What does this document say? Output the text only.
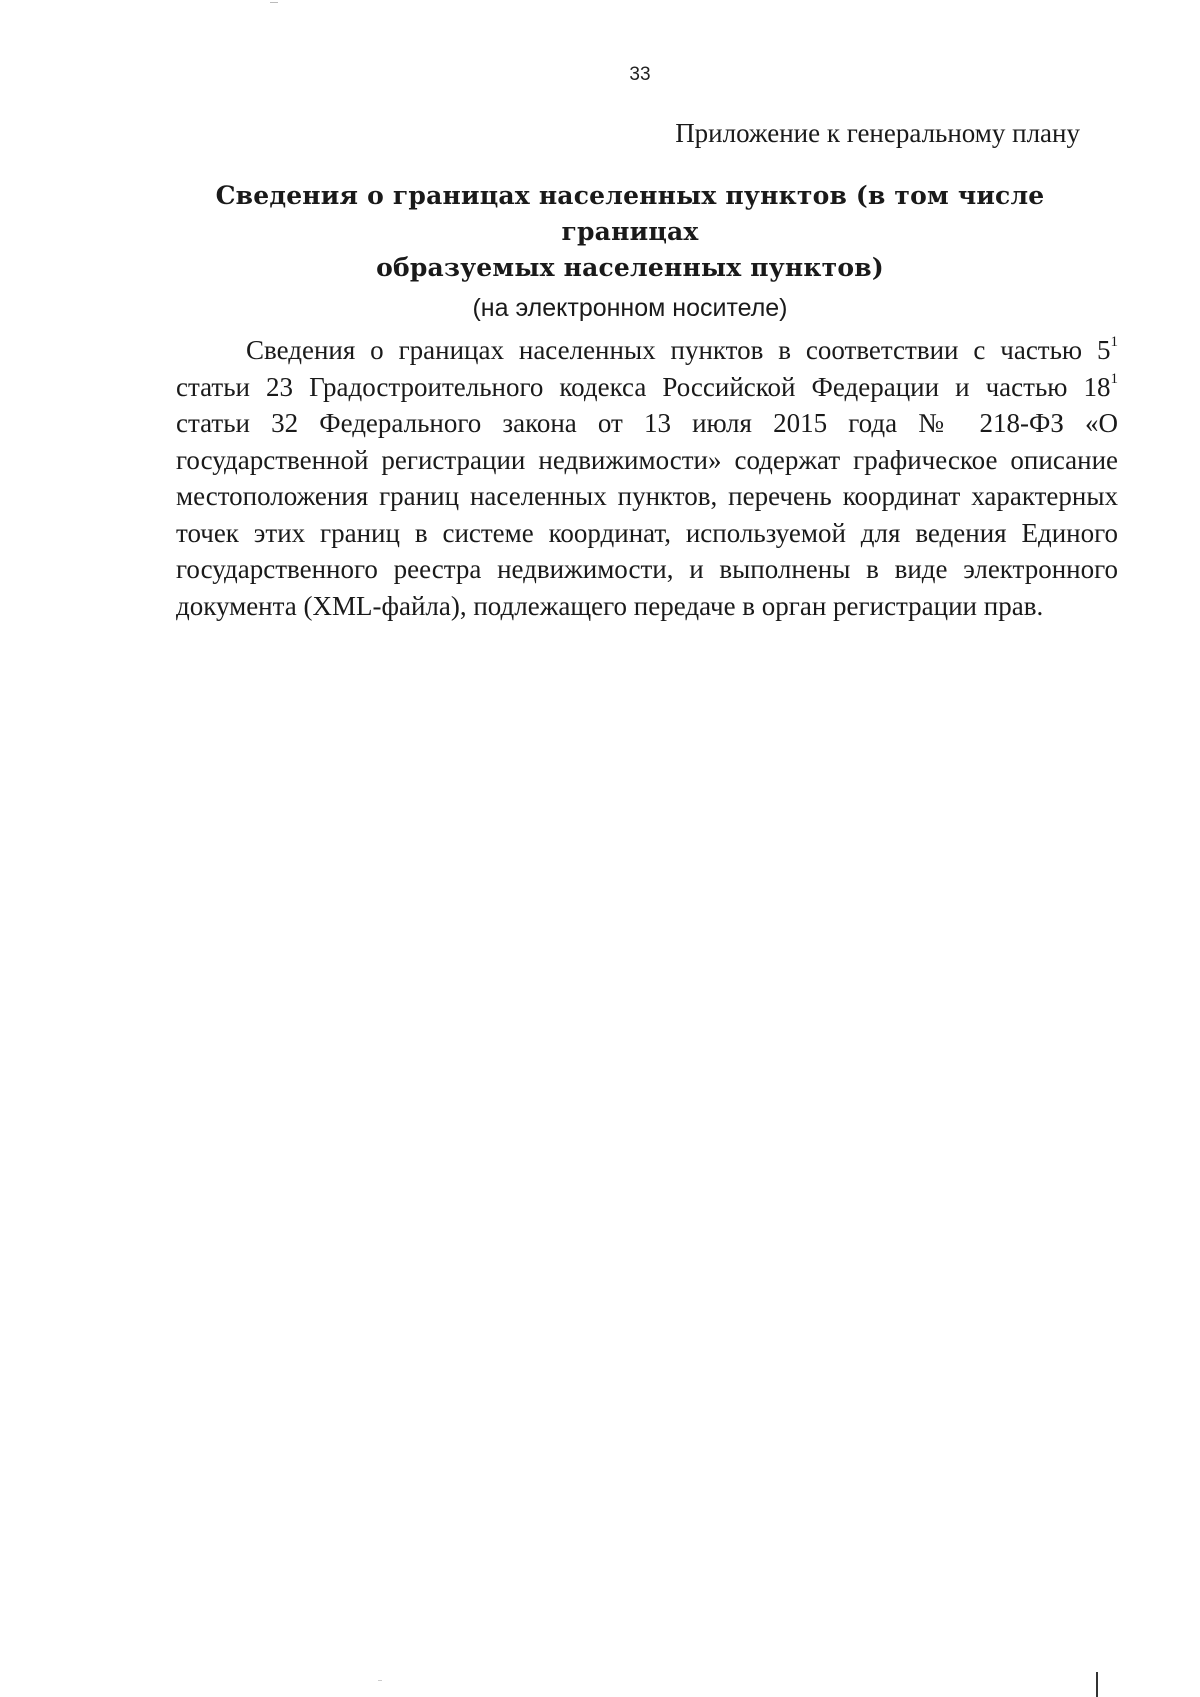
33
Приложение к генеральному плану
Сведения о границах населенных пунктов (в том числе границах
образуемых населенных пунктов)
(на электронном носителе)

Сведения о границах населенных пунктов в соответствии с частью $5^1$ статьи 23 Градостроительного кодекса Российской Федерации и частью $18^1$ статьи 32 Федерального закона от 13 июля 2015 года № 218-ФЗ «О государственной регистрации недвижимости» содержат графическое описание местоположения границ населенных пунктов, перечень координат характерных точек этих границ в системе координат, используемой для ведения Единого государственного реестра недвижимости, и выполнены в виде электронного документа (XML-файла), подлежащего передаче в орган регистрации прав.
